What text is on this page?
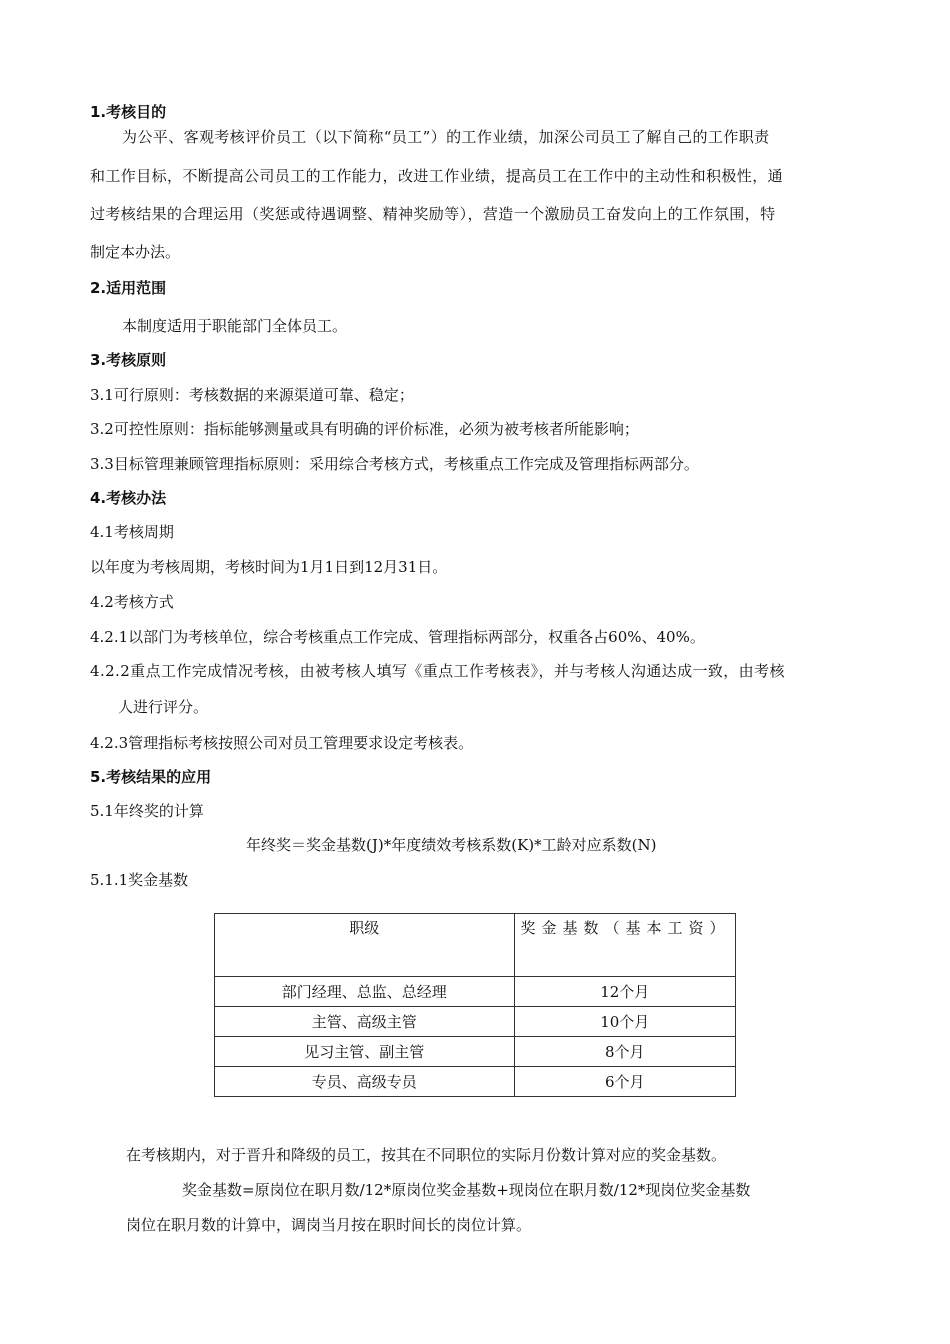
1.考核目的
为公平、客观考核评价员工（以下简称“员工”）的工作业绩，加深公司员工了解自己的工作职责
和工作目标，不断提高公司员工的工作能力，改进工作业绩，提高员工在工作中的主动性和积极性，通
过考核结果的合理运用（奖惩或待遇调整、精神奖励等），营造一个激励员工奋发向上的工作氛围，特
制定本办法。
2.适用范围
本制度适用于职能部门全体员工。
3.考核原则
3.1可行原则：考核数据的来源渠道可靠、稳定；
3.2可控性原则：指标能够测量或具有明确的评价标准，必须为被考核者所能影响；
3.3目标管理兼顾管理指标原则：采用综合考核方式，考核重点工作完成及管理指标两部分。
4.考核办法
4.1考核周期
以年度为考核周期，考核时间为1月1日到12月31日。
4.2考核方式
4.2.1以部门为考核单位，综合考核重点工作完成、管理指标两部分，权重各占60%、40%。
4.2.2重点工作完成情况考核，由被考核人填写《重点工作考核表》，并与考核人沟通达成一致，由考核
人进行评分。
4.2.3管理指标考核按照公司对员工管理要求设定考核表。
5.考核结果的应用
5.1年终奖的计算
年终奖＝奖金基数(J)*年度绩效考核系数(K)*工龄对应系数(N)
5.1.1奖金基数
职级	奖金基数（基本工资）

部门经理、总监、总经理	12个月
主管、高级主管	10个月
见习主管、副主管	8个月
专员、高级专员	6个月
在考核期内，对于晋升和降级的员工，按其在不同职位的实际月份数计算对应的奖金基数。
奖金基数=原岗位在职月数/12*原岗位奖金基数+现岗位在职月数/12*现岗位奖金基数
岗位在职月数的计算中，调岗当月按在职时间长的岗位计算。
